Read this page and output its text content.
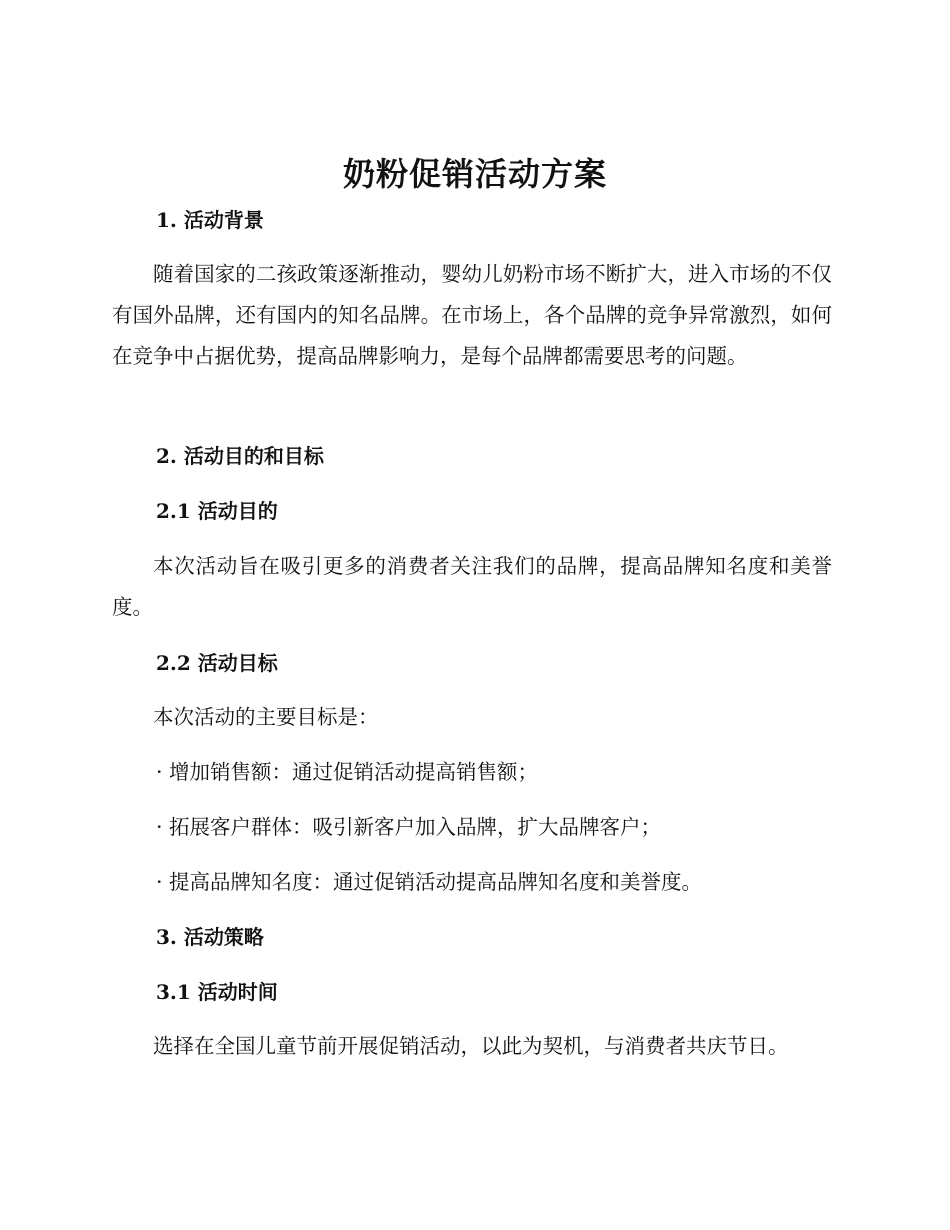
奶粉促销活动方案
1. 活动背景

随着国家的二孩政策逐渐推动，婴幼儿奶粉市场不断扩大，进入市场的不仅有国外品牌，还有国内的知名品牌。在市场上，各个品牌的竞争异常激烈，如何在竞争中占据优势，提高品牌影响力，是每个品牌都需要思考的问题。

2. 活动目的和目标
2.1 活动目的

本次活动旨在吸引更多的消费者关注我们的品牌，提高品牌知名度和美誉度。

2.2 活动目标

本次活动的主要目标是：

· 增加销售额：通过促销活动提高销售额；

· 拓展客户群体：吸引新客户加入品牌，扩大品牌客户；

· 提高品牌知名度：通过促销活动提高品牌知名度和美誉度。

3. 活动策略
3.1 活动时间

选择在全国儿童节前开展促销活动，以此为契机，与消费者共庆节日。
